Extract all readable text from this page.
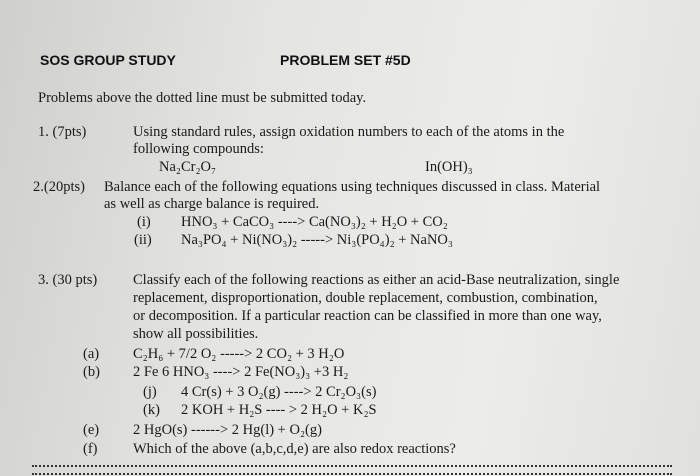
SOS GROUP STUDY	PROBLEM SET #5D
Problems above the dotted line must be submitted today.
1. (7pts)	Using standard rules, assign oxidation numbers to each of the atoms in the
following compounds:
Na₂Cr₂O₇	In(OH)₃
2.(20pts) Balance each of the following equations using techniques discussed in class. Material
as well as charge balance is required.
(i) HNO₃ + CaCO₃ ----> Ca(NO₃)₂ + H₂O + CO₂
(ii) Na₃PO₄ + Ni(NO₃)₂ -----> Ni₃(PO₄)₂ + NaNO₃
3. (30 pts) Classify each of the following reactions as either an acid-Base neutralization, single
replacement, disproportionation, double replacement, combustion, combination,
or decomposition. If a particular reaction can be classified in more than one way,
show all possibilities.
(a) C₂H₆ + 7/2 O₂ -----> 2 CO₂ + 3 H₂O
(b) 2 Fe 6 HNO₃ ----> 2 Fe(NO₃)₃ +3 H₂
(j) 4 Cr(s) + 3 O₂(g) ----> 2 Cr₂O₃(s)
(k) 2 KOH + H₂S ---- > 2 H₂O + K₂S
(e) 2 HgO(s) ------> 2 Hg(l) + O₂(g)
(f) Which of the above (a,b,c,d,e) are also redox reactions?
